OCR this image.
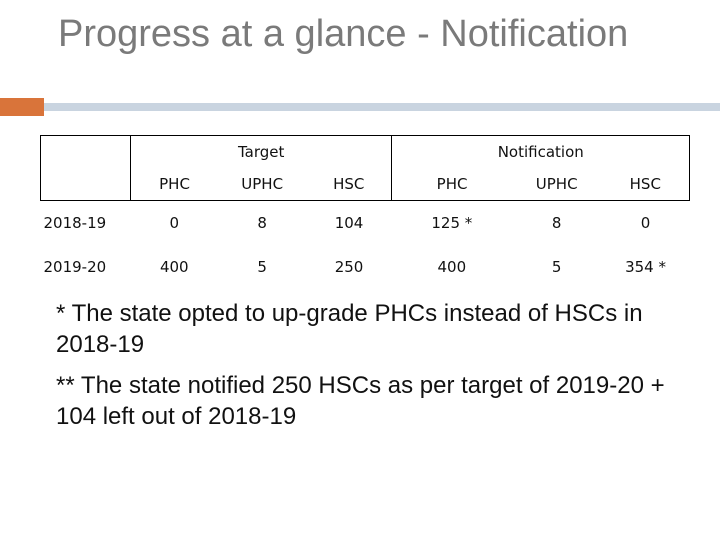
Progress at a glance - Notification
	Target			Notification		
	PHC	UPHC	HSC	PHC	UPHC	HSC
2018-19	0	8	104	125 *	8	0
2019-20	400	5	250	400	5	354 *

* The state opted to up-grade PHCs instead of HSCs in 2018-19

** The state notified 250 HSCs as per target of 2019-20 + 104 left out of 2018-19
